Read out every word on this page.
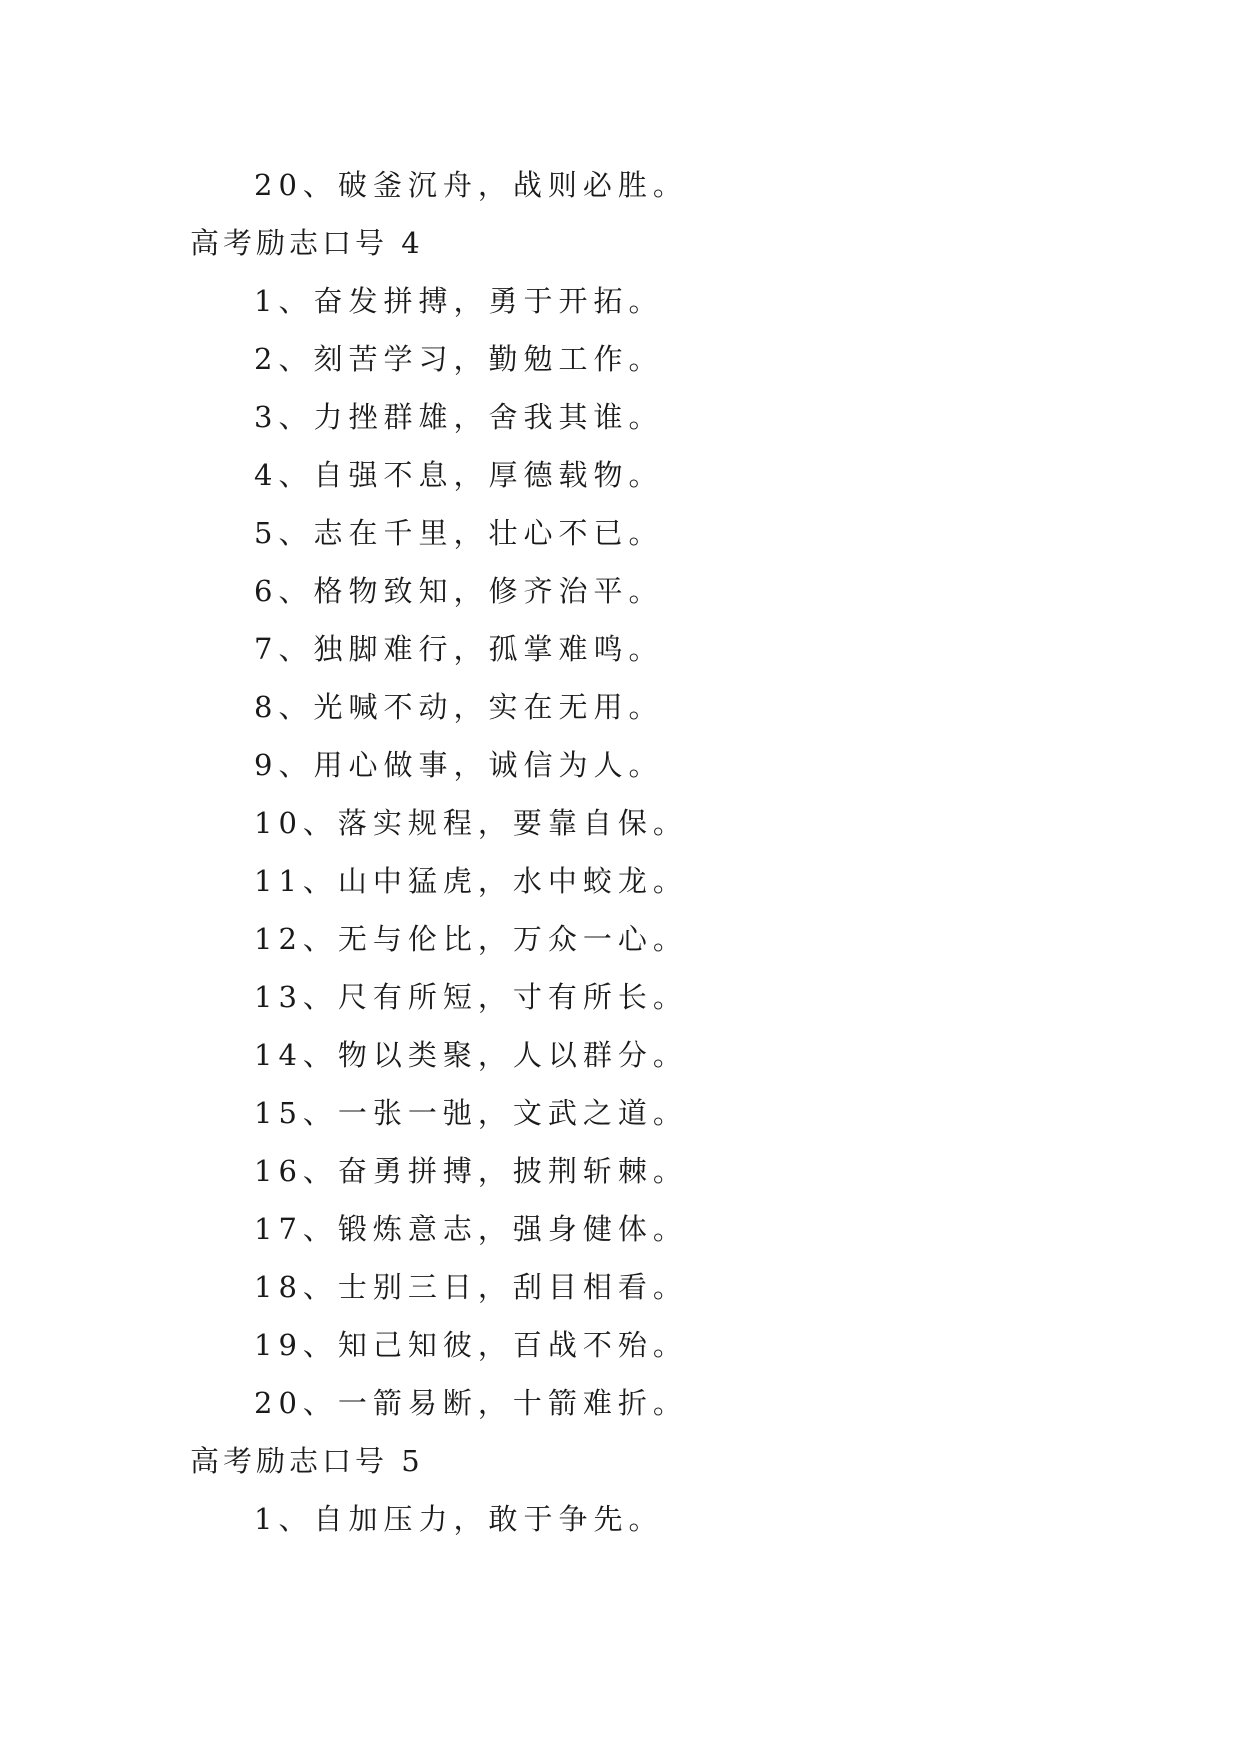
20、破釜沉舟，战则必胜。
高考励志口号 4
1、奋发拼搏，勇于开拓。
2、刻苦学习，勤勉工作。
3、力挫群雄，舍我其谁。
4、自强不息，厚德载物。
5、志在千里，壮心不已。
6、格物致知，修齐治平。
7、独脚难行，孤掌难鸣。
8、光喊不动，实在无用。
9、用心做事，诚信为人。
10、落实规程，要靠自保。
11、山中猛虎，水中蛟龙。
12、无与伦比，万众一心。
13、尺有所短，寸有所长。
14、物以类聚，人以群分。
15、一张一弛，文武之道。
16、奋勇拼搏，披荆斩棘。
17、锻炼意志，强身健体。
18、士别三日，刮目相看。
19、知己知彼，百战不殆。
20、一箭易断，十箭难折。
高考励志口号 5
1、自加压力，敢于争先。
